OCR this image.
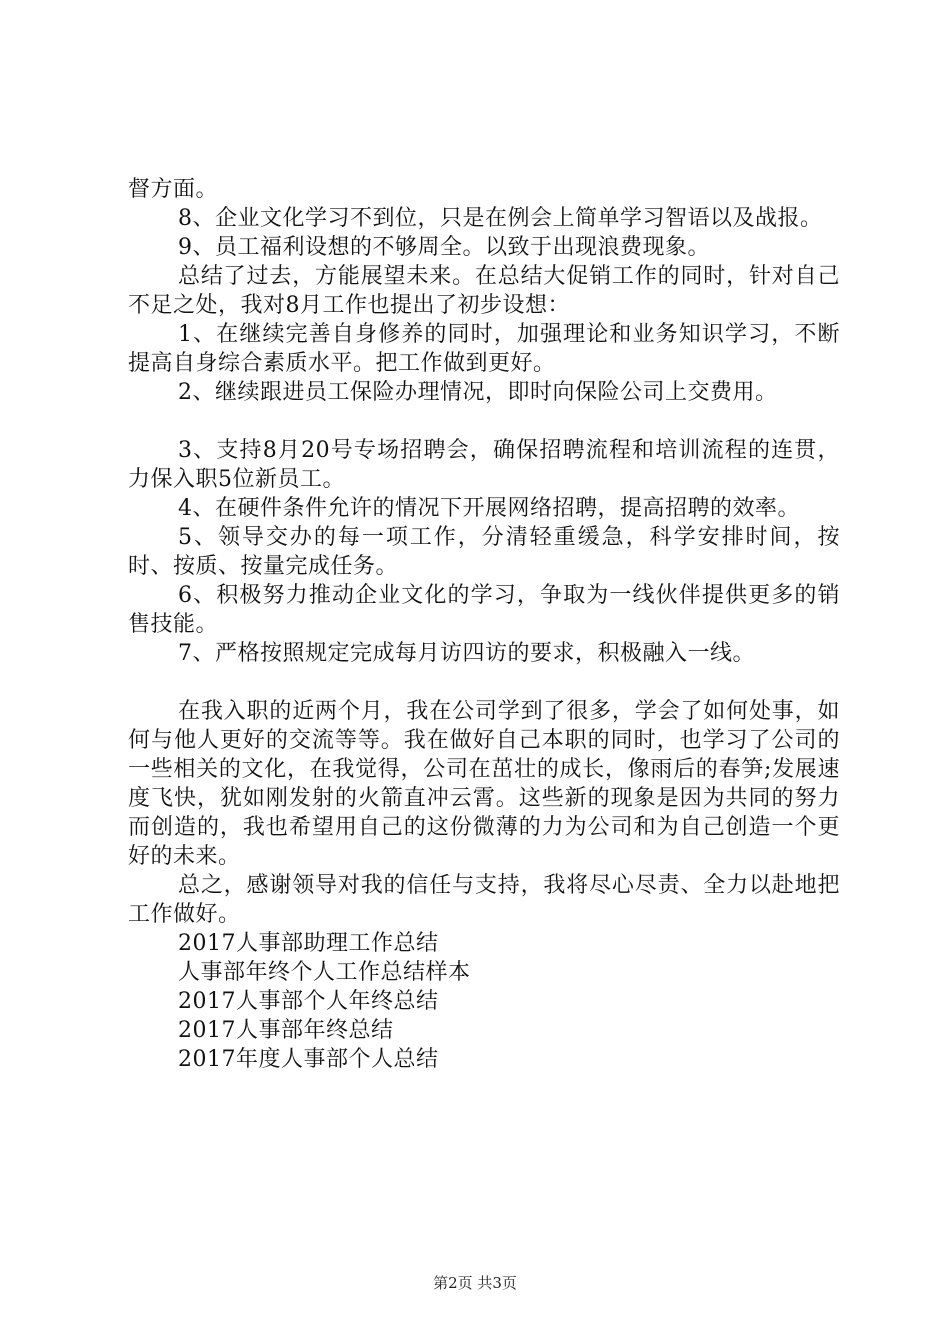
督方面。

8、企业文化学习不到位，只是在例会上简单学习智语以及战报。

9、员工福利设想的不够周全。以致于出现浪费现象。

总结了过去，方能展望未来。在总结大促销工作的同时，针对自己不足之处，我对8月工作也提出了初步设想：

1、在继续完善自身修养的同时，加强理论和业务知识学习，不断提高自身综合素质水平。把工作做到更好。

2、继续跟进员工保险办理情况，即时向保险公司上交费用。

3、支持8月20号专场招聘会，确保招聘流程和培训流程的连贯，力保入职5位新员工。

4、在硬件条件允许的情况下开展网络招聘，提高招聘的效率。

5、领导交办的每一项工作，分清轻重缓急，科学安排时间，按时、按质、按量完成任务。

6、积极努力推动企业文化的学习，争取为一线伙伴提供更多的销售技能。

7、严格按照规定完成每月访四访的要求，积极融入一线。

在我入职的近两个月，我在公司学到了很多，学会了如何处事，如何与他人更好的交流等等。我在做好自己本职的同时，也学习了公司的一些相关的文化，在我觉得，公司在茁壮的成长，像雨后的春笋;发展速度飞快，犹如刚发射的火箭直冲云霄。这些新的现象是因为共同的努力而创造的，我也希望用自己的这份微薄的力为公司和为自己创造一个更好的未来。

总之，感谢领导对我的信任与支持，我将尽心尽责、全力以赴地把工作做好。

2017人事部助理工作总结

人事部年终个人工作总结样本

2017人事部个人年终总结

2017人事部年终总结

2017年度人事部个人总结

第2页 共3页
